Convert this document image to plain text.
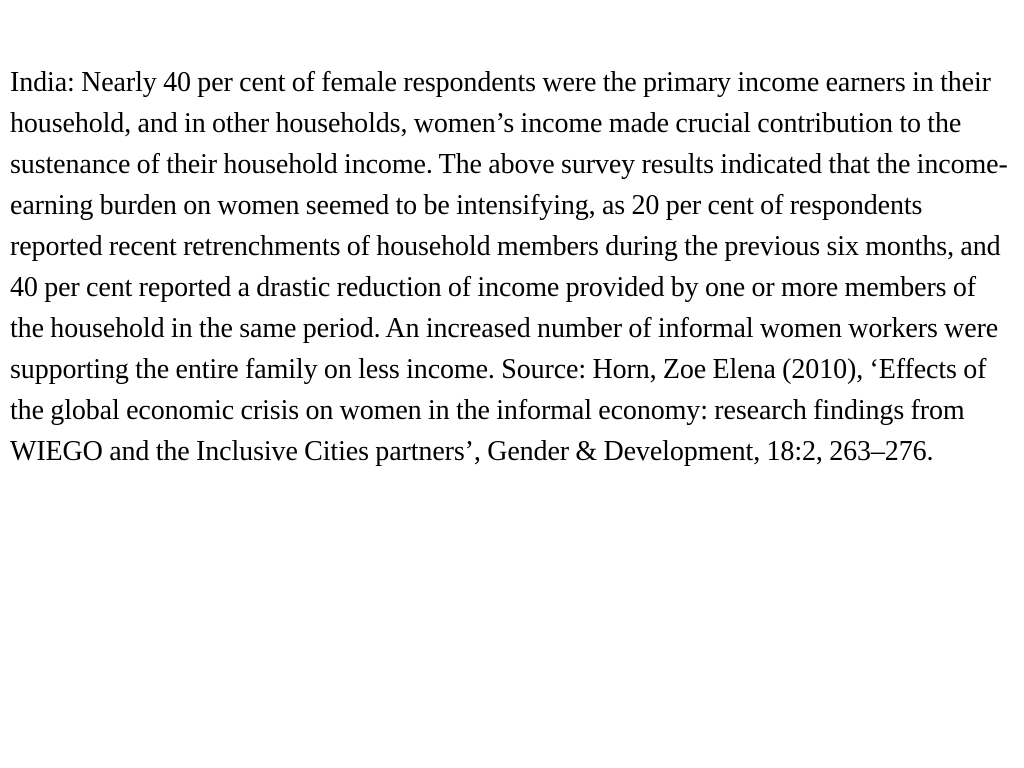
India: Nearly 40 per cent of female respondents were the primary income earners in their household, and in other households, women’s income made crucial contribution to the sustenance of their household income. The above survey results indicated that the income-earning burden on women seemed to be intensifying, as 20 per cent of respondents reported recent retrenchments of household members during the previous six months, and 40 per cent reported a drastic reduction of income provided by one or more members of the household in the same period. An increased number of informal women workers were supporting the entire family on less income. Source: Horn, Zoe Elena (2010), ‘Effects of the global economic crisis on women in the informal economy: research findings from WIEGO and the Inclusive Cities partners’, Gender & Development, 18:2, 263–276.
